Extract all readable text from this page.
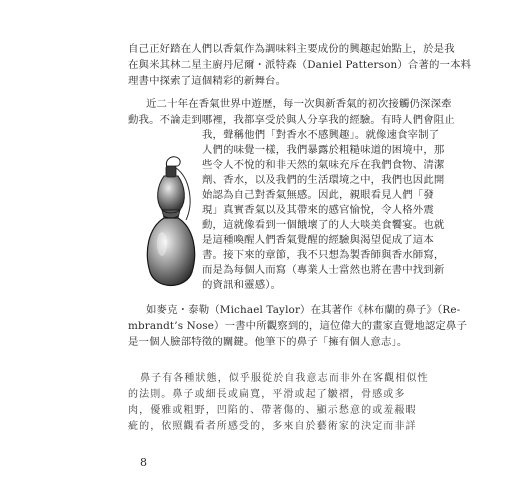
自己正好踏在人們以香氣作為調味料主要成份的興趣起始點上，於是我
在與米其林二星主廚丹尼爾・派特森（Daniel Patterson）合著的一本料
理書中探索了這個精彩的新舞台。
近二十年在香氣世界中遊歷，每一次與新香氣的初次接觸仍深深牽
動我。不論走到哪裡，我都享受於與人分享我的經驗。有時人們會阻止
我，聲稱他們「對香水不感興趣」。就像速食宰制了
人們的味覺一樣，我們暴露於粗糙味道的困境中，那
些令人不悅的和非天然的氣味充斥在我們食物、清潔
劑、香水，以及我們的生活環境之中，我們也因此開
始認為自己對香氣無感。因此，親眼看見人們「發
現」真實香氣以及其帶來的感官愉悅，令人格外震
動，這就像看到一個餓壞了的人大啖美食饗宴。也就
是這種喚醒人們香氣覺醒的經驗與渴望促成了這本
書。接下來的章節，我不只想為製香師與香水師寫，
而是為每個人而寫（專業人士當然也將在書中找到新
的資訊和靈感）。
如麥克・泰勒（Michael Taylor）在其著作《林布蘭的鼻子》（Re-
mbrandt’s Nose）一書中所觀察到的，這位偉大的畫家直覺地認定鼻子
是一個人臉部特徵的關鍵。他筆下的鼻子「擁有個人意志」。
鼻子有各種狀態，似乎服從於自我意志而非外在客觀相似性
的法則。鼻子或細長或扁寬，平滑或起了皺褶，骨感或多
肉，優雅或粗野，凹陷的、帶著傷的、顯示愁意的或羞赧暇
疵的，依照觀看者所感受的，多來自於藝術家的決定而非詳
8
